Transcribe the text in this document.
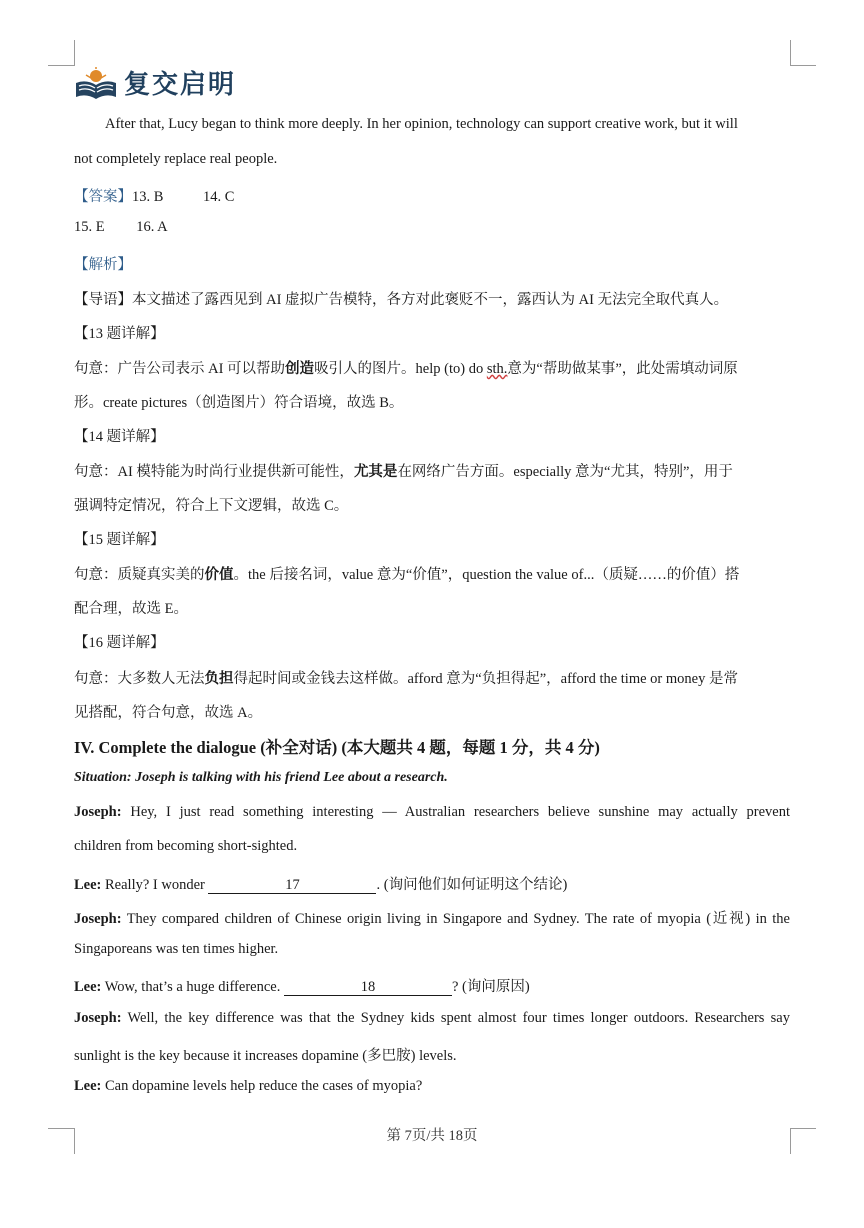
复交启明
After that, Lucy began to think more deeply. In her opinion, technology can support creative work, but it will
not completely replace real people.
【答案】13. B	14. C
15. E 16. A
【解析】
【导语】本文描述了露西见到 AI 虚拟广告模特，各方对此褒贬不一，露西认为 AI 无法完全取代真人。
【13 题详解】
句意：广告公司表示 AI 可以帮助创造吸引人的图片。help (to) do sth.意为“帮助做某事”，此处需填动词原
形。create pictures（创造图片）符合语境，故选 B。
【14 题详解】
句意：AI 模特能为时尚行业提供新可能性，尤其是在网络广告方面。especially 意为“尤其，特别”，用于
强调特定情况，符合上下文逻辑，故选 C。
【15 题详解】
句意：质疑真实美的价值。the 后接名词，value 意为“价值”，question the value of...（质疑……的价值）搭
配合理，故选 E。
【16 题详解】
句意：大多数人无法负担得起时间或金钱去这样做。afford 意为“负担得起”，afford the time or money 是常
见搭配，符合句意，故选 A。
IV. Complete the dialogue (补全对话) (本大题共 4 题，每题 1 分，共 4 分)
Situation: Joseph is talking with his friend Lee about a research.
Joseph: Hey, I just read something interesting — Australian researchers believe sunshine may actually prevent
children from becoming short-sighted.
Lee: Really? I wonder	17	. (询问他们如何证明这个结论)
Joseph: They compared children of Chinese origin living in Singapore and Sydney. The rate of myopia (近视) in the
Singaporeans was ten times higher.
Lee: Wow, that’s a huge difference.	18	? (询问原因)
Joseph: Well, the key difference was that the Sydney kids spent almost four times longer outdoors. Researchers say
sunlight is the key because it increases dopamine (多巴胺) levels.
Lee: Can dopamine levels help reduce the cases of myopia?
第 7页/共 18页
